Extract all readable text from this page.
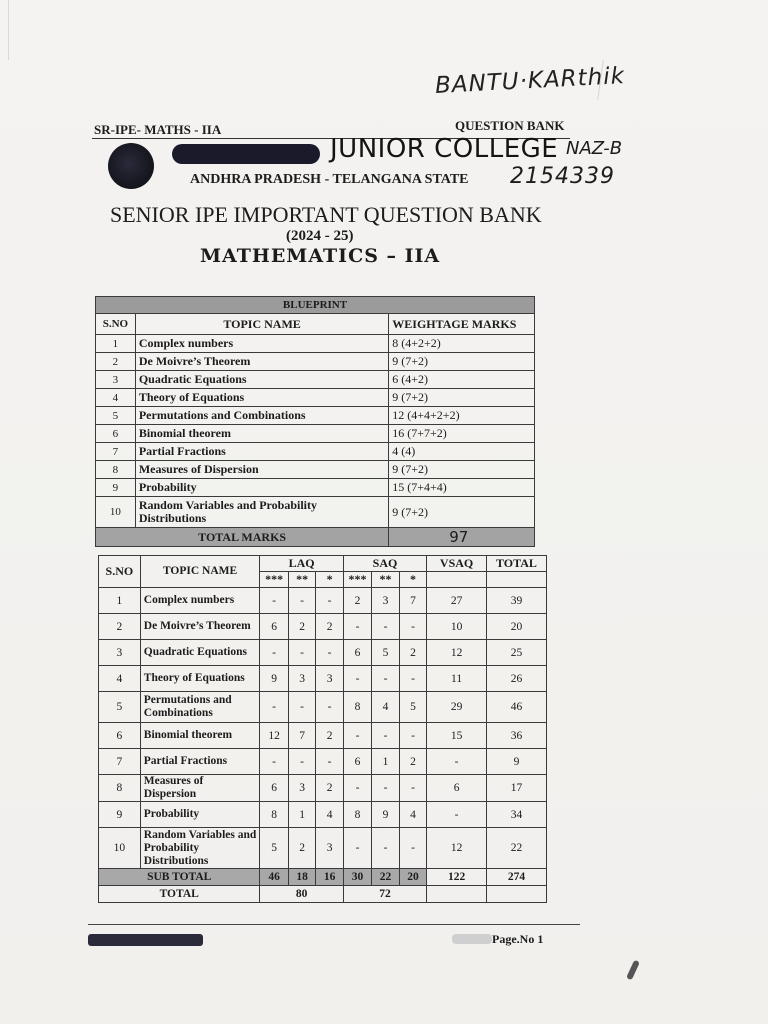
BANTU·KARthik
SR-IPE- MATHS - IIA	QUESTION BANK
JUNIOR COLLEGE NAZ-B
ANDHRA PRADESH - TELANGANA STATE 2154339
SENIOR IPE IMPORTANT QUESTION BANK
(2024 - 25)
MATHEMATICS – IIA
BLUEPRINT		
S.NO	TOPIC NAME	WEIGHTAGE MARKS
1	Complex numbers	8 (4+2+2)
2	De Moivre’s Theorem	9 (7+2)
3	Quadratic Equations	6 (4+2)
4	Theory of Equations	9 (7+2)
5	Permutations and Combinations	12 (4+4+2+2)
6	Binomial theorem	16 (7+7+2)
7	Partial Fractions	4 (4)
8	Measures of Dispersion	9 (7+2)
9	Probability	15 (7+4+4)
10	Random Variables and Probability Distributions	9 (7+2)
TOTAL MARKS		97
S.NO	TOPIC NAME	LAQ			SAQ			VSAQ	TOTAL
		***	**	*	***	**	*		
1	Complex numbers	-	-	-	2	3	7	27	39
2	De Moivre’s Theorem	6	2	2	-	-	-	10	20
3	Quadratic Equations	-	-	-	6	5	2	12	25
4	Theory of Equations	9	3	3	-	-	-	11	26
5	Permutations and Combinations	-	-	-	8	4	5	29	46
6	Binomial theorem	12	7	2	-	-	-	15	36
7	Partial Fractions	-	-	-	6	1	2	-	9
8	Measures of Dispersion	6	3	2	-	-	-	6	17
9	Probability	8	1	4	8	9	4	-	34
10	Random Variables and Probability Distributions	5	2	3	-	-	-	12	22
SUB TOTAL		46	18	16	30	22	20	122	274
TOTAL		80			72				
Page.No 1
